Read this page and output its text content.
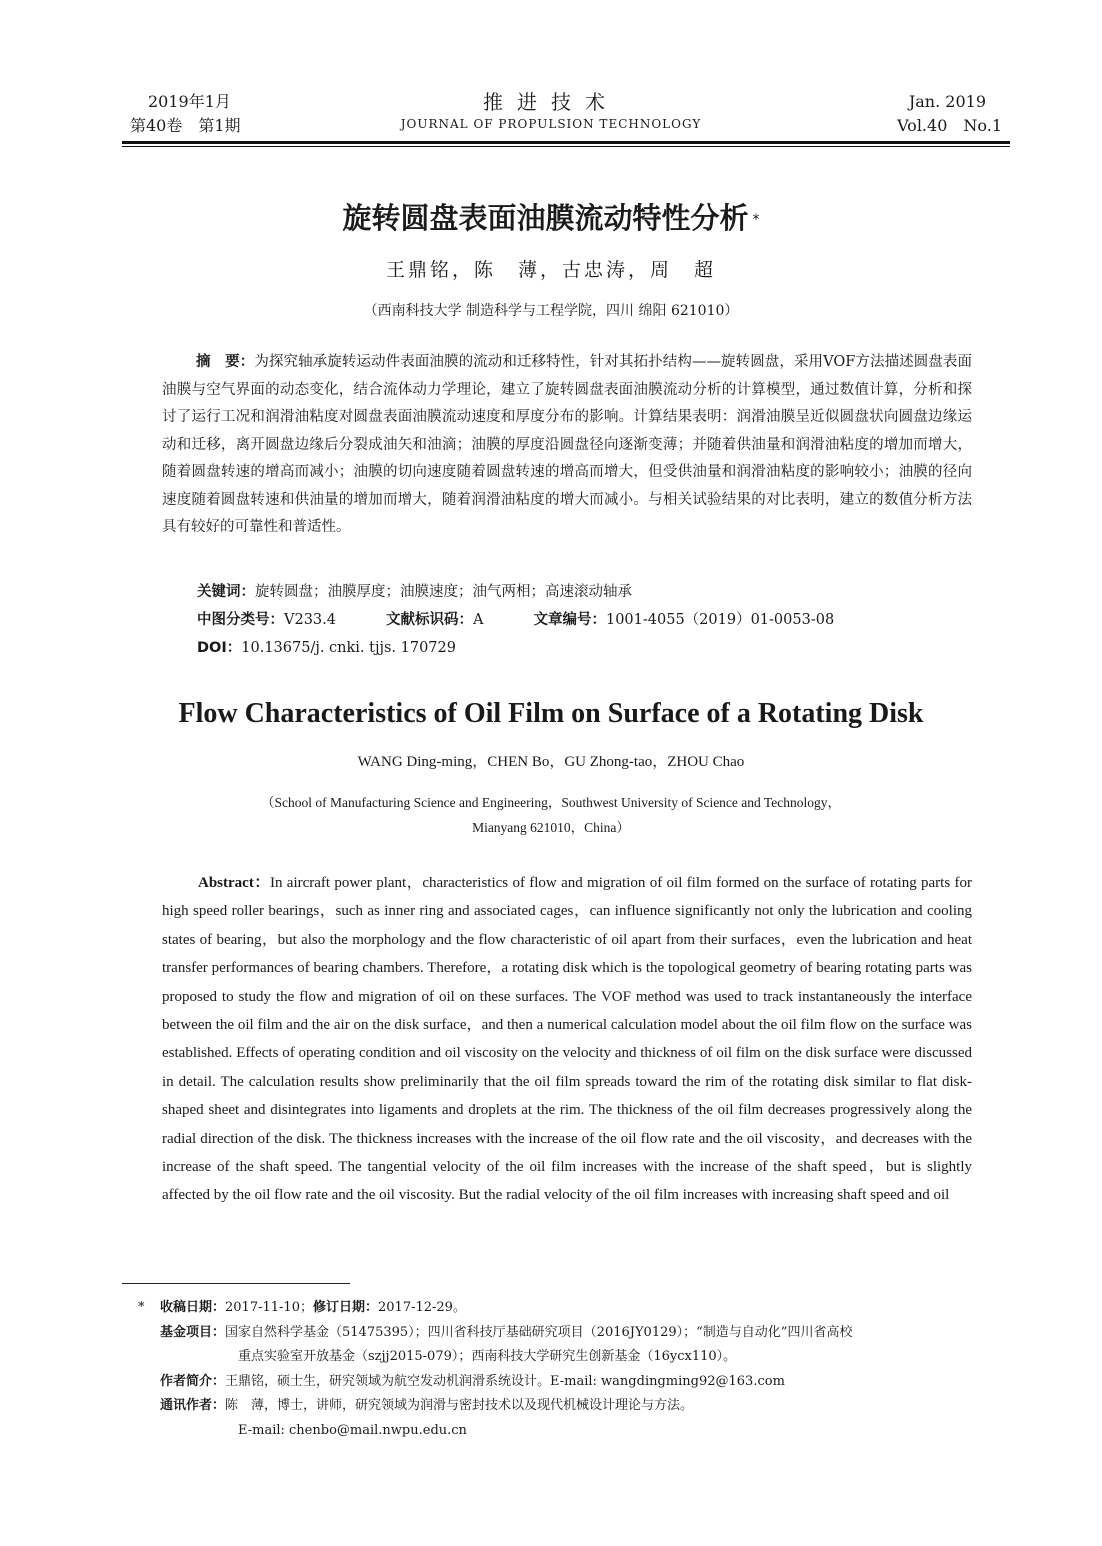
2019年1月
第40卷　第1期
推进技术
JOURNAL OF PROPULSION TECHNOLOGY
Jan. 2019
Vol.40　No.1
旋转圆盘表面油膜流动特性分析 *
王鼎铭，陈　薄，古忠涛，周　超
（西南科技大学 制造科学与工程学院，四川 绵阳 621010）
摘　要：为探究轴承旋转运动件表面油膜的流动和迁移特性，针对其拓扑结构——旋转圆盘，采用VOF方法描述圆盘表面油膜与空气界面的动态变化，结合流体动力学理论，建立了旋转圆盘表面油膜流动分析的计算模型，通过数值计算，分析和探讨了运行工况和润滑油粘度对圆盘表面油膜流动速度和厚度分布的影响。计算结果表明：润滑油膜呈近似圆盘状向圆盘边缘运动和迁移，离开圆盘边缘后分裂成油矢和油滴；油膜的厚度沿圆盘径向逐渐变薄；并随着供油量和润滑油粘度的增加而增大，随着圆盘转速的增高而减小；油膜的切向速度随着圆盘转速的增高而增大，但受供油量和润滑油粘度的影响较小；油膜的径向速度随着圆盘转速和供油量的增加而增大，随着润滑油粘度的增大而减小。与相关试验结果的对比表明，建立的数值分析方法具有较好的可靠性和普适性。
关键词：旋转圆盘；油膜厚度；油膜速度；油气两相；高速滚动轴承
中图分类号：V233.4	文献标识码：A	文章编号：1001-4055（2019）01-0053-08
DOI：10.13675/j. cnki. tjjs. 170729
Flow Characteristics of Oil Film on Surface of a Rotating Disk
WANG Ding-ming，CHEN Bo，GU Zhong-tao，ZHOU Chao
（School of Manufacturing Science and Engineering，Southwest University of Science and Technology，
Mianyang 621010，China）
Abstract：In aircraft power plant，characteristics of flow and migration of oil film formed on the surface of rotating parts for high speed roller bearings，such as inner ring and associated cages，can influence significantly not only the lubrication and cooling states of bearing，but also the morphology and the flow characteristic of oil apart from their surfaces，even the lubrication and heat transfer performances of bearing chambers. Therefore，a rotating disk which is the topological geometry of bearing rotating parts was proposed to study the flow and migration of oil on these surfaces. The VOF method was used to track instantaneously the interface between the oil film and the air on the disk surface，and then a numerical calculation model about the oil film flow on the surface was established. Effects of operating condition and oil viscosity on the velocity and thickness of oil film on the disk surface were discussed in detail. The calculation results show preliminarily that the oil film spreads toward the rim of the rotating disk similar to flat disk-shaped sheet and disintegrates into ligaments and droplets at the rim. The thickness of the oil film decreases progressively along the radial direction of the disk. The thickness increases with the increase of the oil flow rate and the oil viscosity，and decreases with the increase of the shaft speed. The tangential velocity of the oil film increases with the increase of the shaft speed，but is slightly affected by the oil flow rate and the oil viscosity. But the radial velocity of the oil film increases with increasing shaft speed and oil
*	收稿日期：2017-11-10；修订日期：2017-12-29。
基金项目：国家自然科学基金（51475395）；四川省科技厅基础研究项目（2016JY0129）；“制造与自动化”四川省高校
重点实验室开放基金（szjj2015-079）；西南科技大学研究生创新基金（16ycx110）。
作者简介：王鼎铭，硕士生，研究领域为航空发动机润滑系统设计。E-mail: wangdingming92@163.com
通讯作者：陈　薄，博士，讲师，研究领域为润滑与密封技术以及现代机械设计理论与方法。
E-mail: chenbo@mail.nwpu.edu.cn
